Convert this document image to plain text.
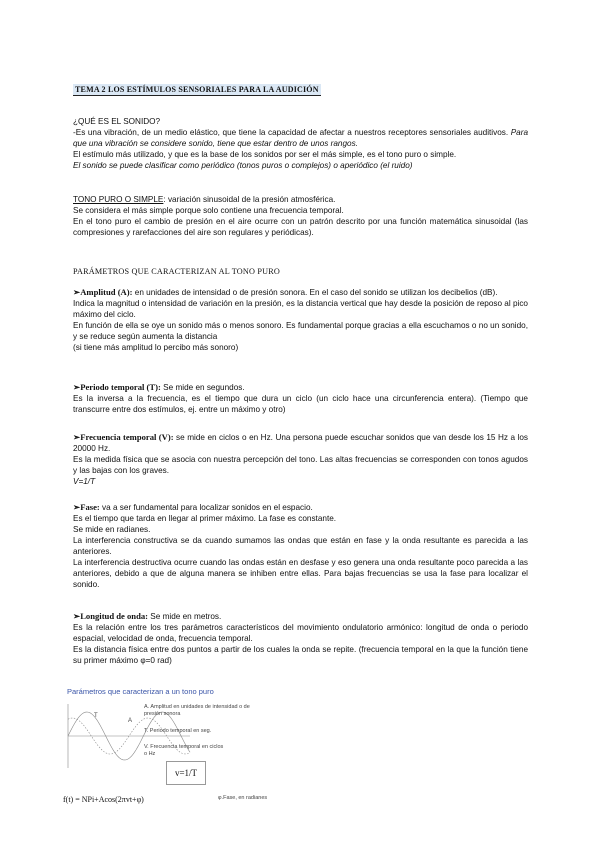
TEMA 2 LOS ESTÍMULOS SENSORIALES PARA LA AUDICIÓN

¿QUÉ ES EL SONIDO?

-Es una vibración, de un medio elástico, que tiene la capacidad de afectar a nuestros receptores sensoriales auditivos. Para que una vibración se considere sonido, tiene que estar dentro de unos rangos.

El estímulo más utilizado, y que es la base de los sonidos por ser el más simple, es el tono puro o simple.

El sonido se puede clasificar como periódico (tonos puros o complejos) o aperiódico (el ruido)

TONO PURO O SIMPLE: variación sinusoidal de la presión atmosférica.

Se considera el más simple porque solo contiene una frecuencia temporal.

En el tono puro el cambio de presión en el aire ocurre con un patrón descrito por una función matemática sinusoidal (las compresiones y rarefacciones del aire son regulares y periódicas).

PARÁMETROS QUE CARACTERIZAN AL TONO PURO

➢Amplitud (A): en unidades de intensidad o de presión sonora. En el caso del sonido se utilizan los decibelios (dB).

Indica la magnitud o intensidad de variación en la presión, es la distancia vertical que hay desde la posición de reposo al pico máximo del ciclo.

En función de ella se oye un sonido más o menos sonoro. Es fundamental porque gracias a ella escuchamos o no un sonido, y se reduce según aumenta la distancia

(si tiene más amplitud lo percibo más sonoro)

➢Periodo temporal (T): Se mide en segundos.

Es la inversa a la frecuencia, es el tiempo que dura un ciclo (un ciclo hace una circunferencia entera). (Tiempo que transcurre entre dos estímulos, ej. entre un máximo y otro)

➢Frecuencia temporal (V): se mide en ciclos o en Hz. Una persona puede escuchar sonidos que van desde los 15 Hz a los 20000 Hz.

Es la medida física que se asocia con nuestra percepción del tono. Las altas frecuencias se corresponden con tonos agudos y las bajas con los graves.

V=1/T

➢Fase: va a ser fundamental para localizar sonidos en el espacio.

Es el tiempo que tarda en llegar al primer máximo. La fase es constante.

Se mide en radianes.

La interferencia constructiva se da cuando sumamos las ondas que están en fase y la onda resultante es parecida a las anteriores.

La interferencia destructiva ocurre cuando las ondas están en desfase y eso genera una onda resultante poco parecida a las anteriores, debido a que de alguna manera se inhiben entre ellas. Para bajas frecuencias se usa la fase para localizar el sonido.

➢Longitud de onda: Se mide en metros.

Es la relación entre los tres parámetros característicos del movimiento ondulatorio armónico: longitud de onda o periodo espacial, velocidad de onda, frecuencia temporal.

Es la distancia física entre dos puntos a partir de los cuales la onda se repite. (frecuencia temporal en la que la función tiene su primer máximo φ=0 rad)

Parámetros que caracterizan a un tono puro
T
A
A. Amplitud en unidades de intensidad o de presión sonora
T. Periodo temporal en seg.
V. Frecuencia temporal en ciclos o Hz
v=1/T
f(t) = NPi+Acos(2πvt+φ)	φ.Fase, en radianes
